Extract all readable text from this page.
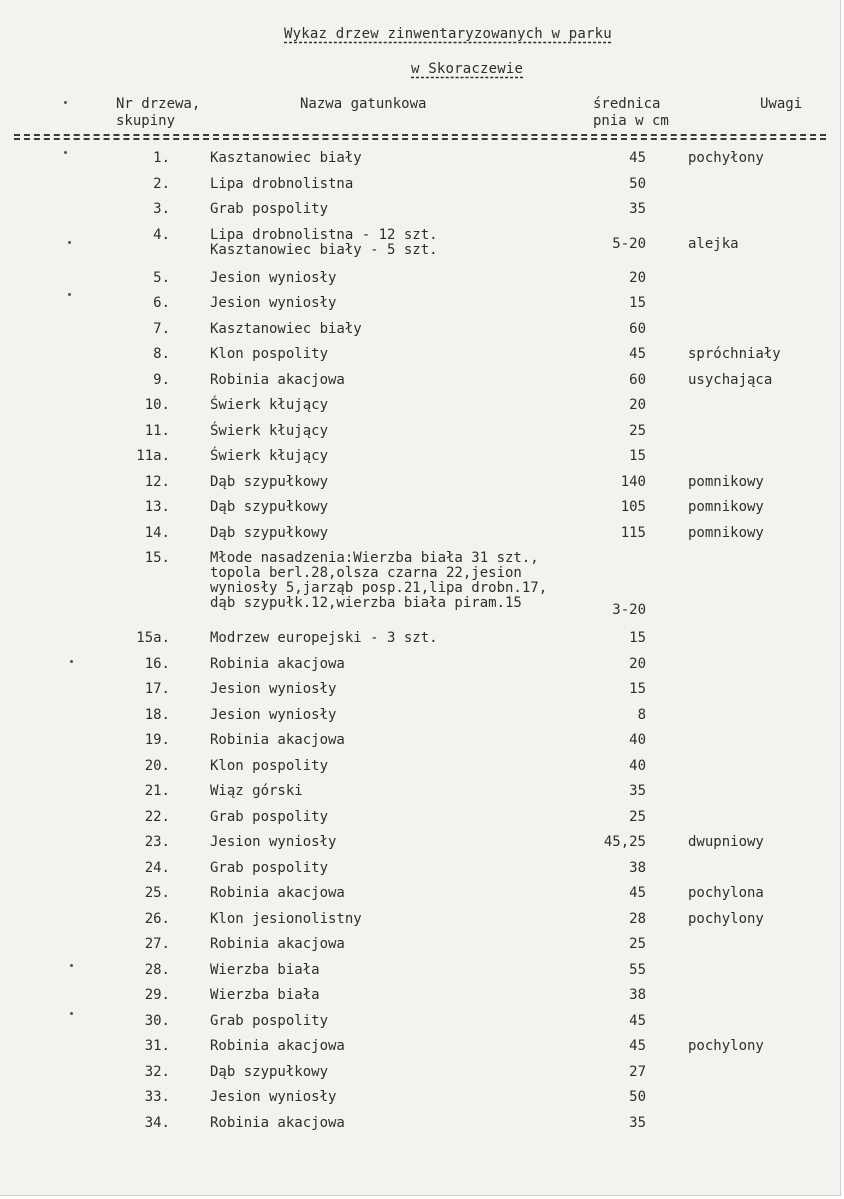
Wykaz drzew zinwentaryzowanych w parku
w Skoraczewie
Nr drzewa,
skupiny
Nazwa gatunkowa	średnica
pnia w cm
Uwagi
1.	Kasztanowiec biały	45	pochyłony
2.	Lipa drobnolistna	50
3.	Grab pospolity	35
4.	Lipa drobnolistna - 12 szt.
Kasztanowiec biały - 5 szt.	5-20	alejka
5.	Jesion wyniosły	20
6.	Jesion wyniosły	15
7.	Kasztanowiec biały	60
8.	Klon pospolity	45	spróchniały
9.	Robinia akacjowa	60	usychająca
10.	Świerk kłujący	20
11.	Świerk kłujący	25
11a.	Świerk kłujący	15
12.	Dąb szypułkowy	140	pomnikowy
13.	Dąb szypułkowy	105	pomnikowy
14.	Dąb szypułkowy	115	pomnikowy
15.	Młode nasadzenia:Wierzba biała 31 szt.,
topola berl.28,olsza czarna 22,jesion
wyniosły 5,jarząb posp.21,lipa drobn.17,
dąb szypułk.12,wierzba biała piram.15	3-20
15a.	Modrzew europejski - 3 szt.	15
16.	Robinia akacjowa	20
17.	Jesion wyniosły	15
18.	Jesion wyniosły	8
19.	Robinia akacjowa	40
20.	Klon pospolity	40
21.	Wiąz górski	35
22.	Grab pospolity	25
23.	Jesion wyniosły	45,25	dwupniowy
24.	Grab pospolity	38
25.	Robinia akacjowa	45	pochylona
26.	Klon jesionolistny	28	pochylony
27.	Robinia akacjowa	25
28.	Wierzba biała	55
29.	Wierzba biała	38
30.	Grab pospolity	45
31.	Robinia akacjowa	45	pochylony
32.	Dąb szypułkowy	27
33.	Jesion wyniosły	50
34.	Robinia akacjowa	35
